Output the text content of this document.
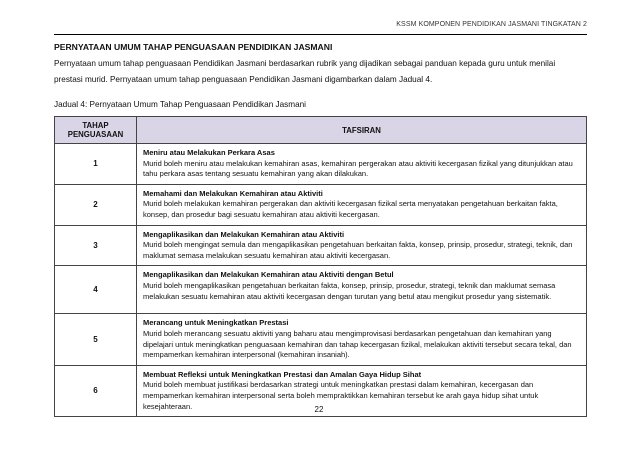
KSSM KOMPONEN PENDIDIKAN JASMANI TINGKATAN 2
PERNYATAAN UMUM TAHAP PENGUASAAN PENDIDIKAN JASMANI
Pernyataan umum tahap penguasaan Pendidikan Jasmani berdasarkan rubrik yang dijadikan sebagai panduan kepada guru untuk menilai
prestasi murid. Pernyataan umum tahap penguasaan Pendidikan Jasmani digambarkan dalam Jadual 4.
Jadual 4: Pernyataan Umum Tahap Penguasaan Pendidikan Jasmani
TAHAP
PENGUASAAN	TAFSIRAN
1	Meniru atau Melakukan Perkara Asas
Murid boleh meniru atau melakukan kemahiran asas, kemahiran pergerakan atau aktiviti kecergasan fizikal yang ditunjukkan atau tahu perkara asas tentang sesuatu kemahiran yang akan dilakukan.

2	Memahami dan Melakukan Kemahiran atau Aktiviti
Murid boleh melakukan kemahiran pergerakan dan aktiviti kecergasan fizikal serta menyatakan pengetahuan berkaitan fakta, konsep, dan prosedur bagi sesuatu kemahiran atau aktiviti kecergasan.

3	Mengaplikasikan dan Melakukan Kemahiran atau Aktiviti
Murid boleh mengingat semula dan mengaplikasikan pengetahuan berkaitan fakta, konsep, prinsip, prosedur, strategi, teknik, dan maklumat semasa melakukan sesuatu kemahiran atau aktiviti kecergasan.

4	Mengaplikasikan dan Melakukan Kemahiran atau Aktiviti dengan Betul
Murid boleh mengaplikasikan pengetahuan berkaitan fakta, konsep, prinsip, prosedur, strategi, teknik dan maklumat semasa melakukan sesuatu kemahiran atau aktiviti kecergasan dengan turutan yang betul atau mengikut prosedur yang sistematik.

5	Merancang untuk Meningkatkan Prestasi
Murid boleh merancang sesuatu aktiviti yang baharu atau mengimprovisasi berdasarkan pengetahuan dan kemahiran yang dipelajari untuk meningkatkan penguasaan kemahiran dan tahap kecergasan fizikal, melakukan aktiviti tersebut secara tekal, dan mempamerkan kemahiran interpersonal (kemahiran insaniah).

6	Membuat Refleksi untuk Meningkatkan Prestasi dan Amalan Gaya Hidup Sihat
Murid boleh membuat justifikasi berdasarkan strategi untuk meningkatkan prestasi dalam kemahiran, kecergasan dan mempamerkan kemahiran interpersonal serta boleh mempraktikkan kemahiran tersebut ke arah gaya hidup sihat untuk kesejahteraan.	22
